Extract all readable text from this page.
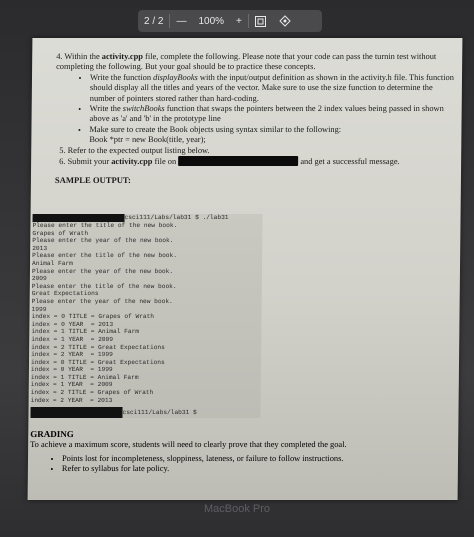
2 / 2	—	100%	+

4. Within the activity.cpp file, complete the following. Please note that your code can pass the turnin test without completing the following. But your goal should be to practice these concepts.

• Write the function displayBooks with the input/output definition as shown in the activity.h file. This function should display all the titles and years of the vector. Make sure to use the size function to determine the number of pointers stored rather than hard-coding.
• Write the switchBooks function that swaps the pointers between the 2 index values being passed in shown above as 'a' and 'b' in the prototype line
• Make sure to create the Book objects using syntax similar to the following:
Book *ptr = new Book(title, year);

5. Refer to the expected output listing below.

6. Submit your activity.cpp file on	and get a successful message.

SAMPLE OUTPUT:
csci111/Labs/lab31 $ ./lab31
Please enter the title of the new book.
Grapes of Wrath
Please enter the year of the new book.
2013
Please enter the title of the new book.
Animal Farm
Please enter the year of the new book.
2009
Please enter the title of the new book.
Great Expectations
Please enter the year of the new book.
1999
index = 0 TITLE = Grapes of Wrath
index = 0 YEAR  = 2013
index = 1 TITLE = Animal Farm
index = 1 YEAR  = 2009
index = 2 TITLE = Great Expectations
index = 2 YEAR  = 1999
index = 0 TITLE = Great Expectations
index = 0 YEAR  = 1999
index = 1 TITLE = Animal Farm
index = 1 YEAR  = 2009
index = 2 TITLE = Grapes of Wrath
index = 2 YEAR  = 2013
csci111/Labs/lab31 $
GRADING
To achieve a maximum score, students will need to clearly prove that they completed the goal.
• Points lost for incompleteness, sloppiness, lateness, or failure to follow instructions.
• Refer to syllabus for late policy.
MacBook Pro
